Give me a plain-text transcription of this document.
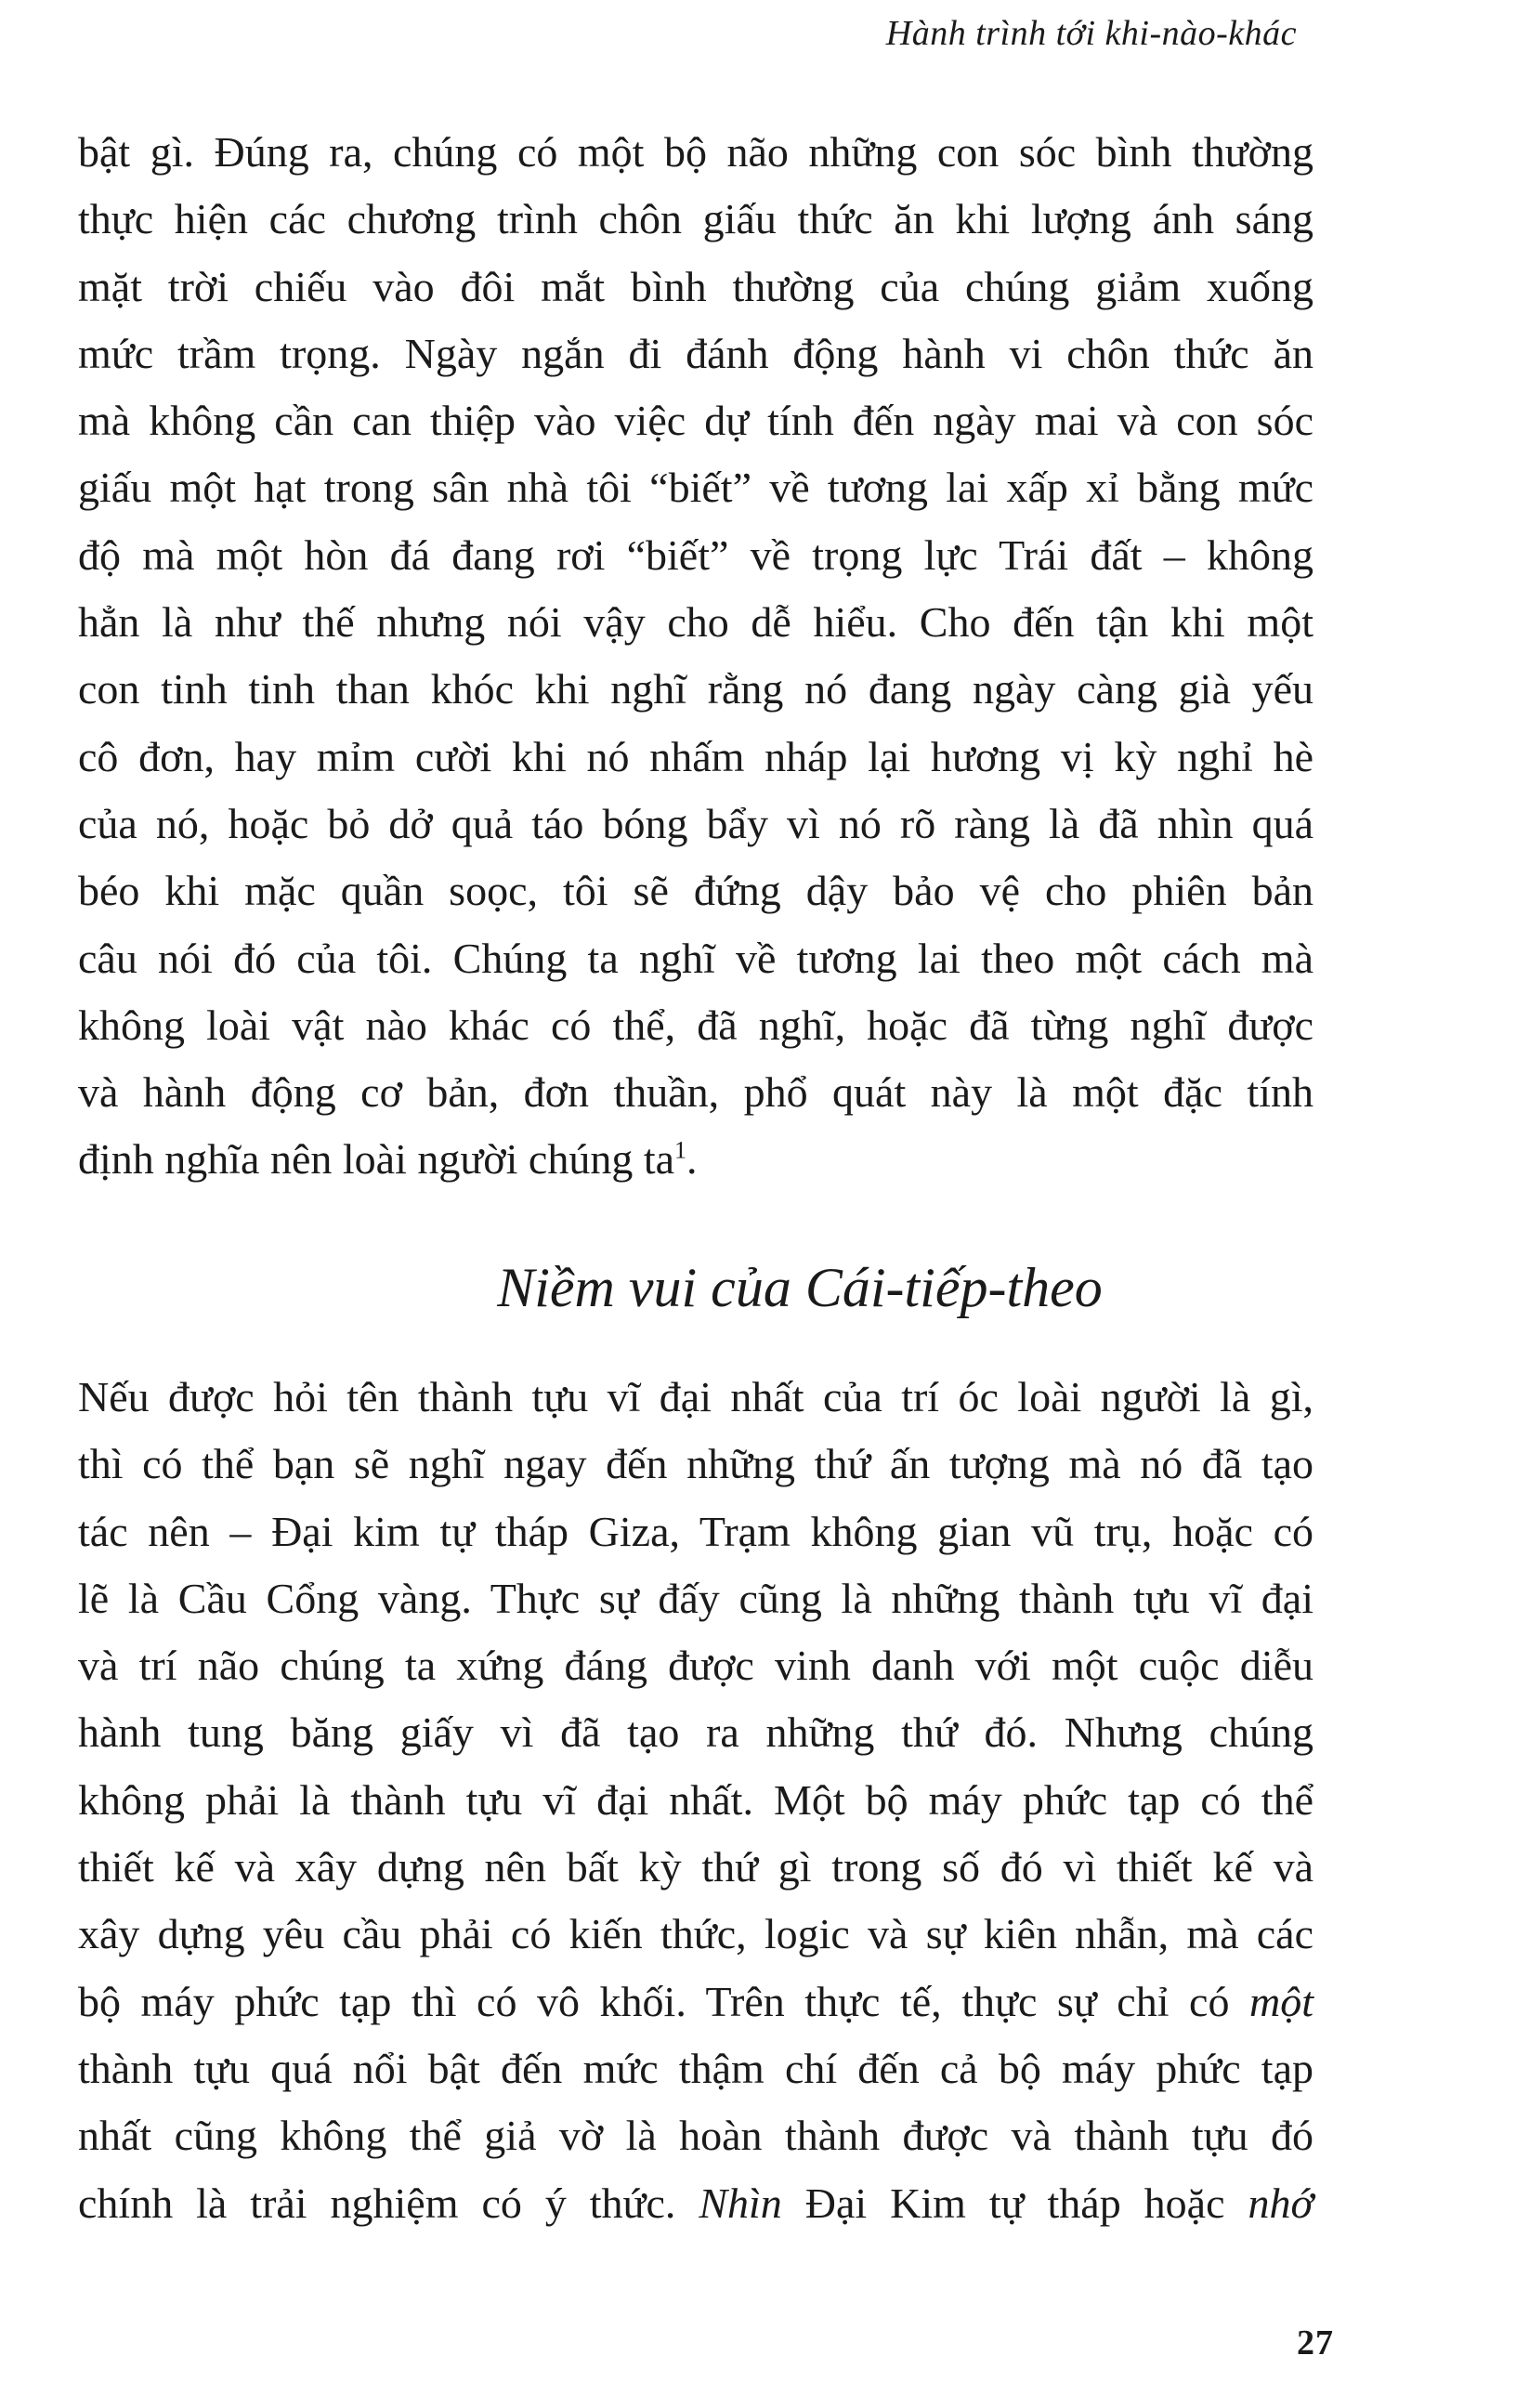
Hành trình tới khi-nào-khác
bật gì. Đúng ra, chúng có một bộ não những con sóc bình thường
thực hiện các chương trình chôn giấu thức ăn khi lượng ánh sáng
mặt trời chiếu vào đôi mắt bình thường của chúng giảm xuống
mức trầm trọng. Ngày ngắn đi đánh động hành vi chôn thức ăn
mà không cần can thiệp vào việc dự tính đến ngày mai và con sóc
giấu một hạt trong sân nhà tôi “biết” về tương lai xấp xỉ bằng mức
độ mà một hòn đá đang rơi “biết” về trọng lực Trái đất – không
hẳn là như thế nhưng nói vậy cho dễ hiểu. Cho đến tận khi một
con tinh tinh than khóc khi nghĩ rằng nó đang ngày càng già yếu
cô đơn, hay mỉm cười khi nó nhấm nháp lại hương vị kỳ nghỉ hè
của nó, hoặc bỏ dở quả táo bóng bẩy vì nó rõ ràng là đã nhìn quá
béo khi mặc quần soọc, tôi sẽ đứng dậy bảo vệ cho phiên bản
câu nói đó của tôi. Chúng ta nghĩ về tương lai theo một cách mà
không loài vật nào khác có thể, đã nghĩ, hoặc đã từng nghĩ được
và hành động cơ bản, đơn thuần, phổ quát này là một đặc tính
định nghĩa nên loài người chúng $ta^1$.
Niềm vui của Cái-tiếp-theo
Nếu được hỏi tên thành tựu vĩ đại nhất của trí óc loài người là gì,
thì có thể bạn sẽ nghĩ ngay đến những thứ ấn tượng mà nó đã tạo
tác nên – Đại kim tự tháp Giza, Trạm không gian vũ trụ, hoặc có
lẽ là Cầu Cổng vàng. Thực sự đấy cũng là những thành tựu vĩ đại
và trí não chúng ta xứng đáng được vinh danh với một cuộc diễu
hành tung băng giấy vì đã tạo ra những thứ đó. Nhưng chúng
không phải là thành tựu vĩ đại nhất. Một bộ máy phức tạp có thể
thiết kế và xây dựng nên bất kỳ thứ gì trong số đó vì thiết kế và
xây dựng yêu cầu phải có kiến thức, logic và sự kiên nhẫn, mà các
bộ máy phức tạp thì có vô khối. Trên thực tế, thực sự chỉ có một
thành tựu quá nổi bật đến mức thậm chí đến cả bộ máy phức tạp
nhất cũng không thể giả vờ là hoàn thành được và thành tựu đó
chính là trải nghiệm có ý thức. Nhìn Đại Kim tự tháp hoặc nhớ
27
